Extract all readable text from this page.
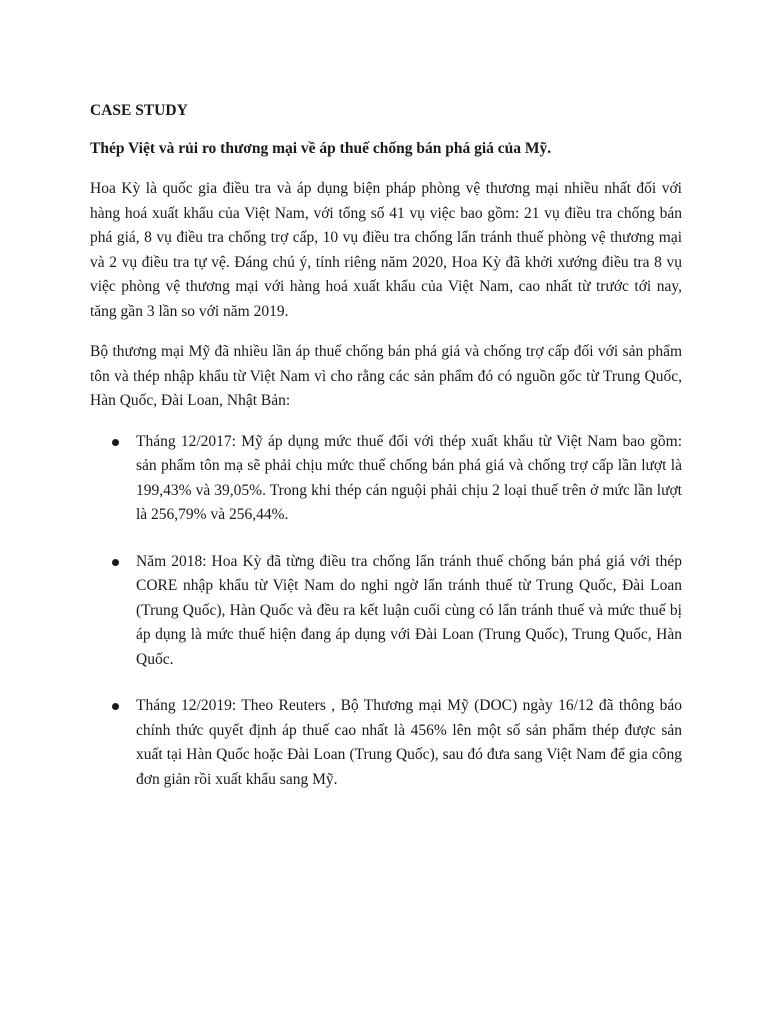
CASE STUDY
Thép Việt và rủi ro thương mại về áp thuế chống bán phá giá của Mỹ.

Hoa Kỳ là quốc gia điều tra và áp dụng biện pháp phòng vệ thương mại nhiều nhất đối với hàng hoá xuất khẩu của Việt Nam, với tổng số 41 vụ việc bao gồm: 21 vụ điều tra chống bán phá giá, 8 vụ điều tra chống trợ cấp, 10 vụ điều tra chống lẩn tránh thuế phòng vệ thương mại và 2 vụ điều tra tự vệ. Đáng chú ý, tính riêng năm 2020, Hoa Kỳ đã khởi xướng điều tra 8 vụ việc phòng vệ thương mại với hàng hoá xuất khẩu của Việt Nam, cao nhất từ trước tới nay, tăng gần 3 lần so với năm 2019.

Bộ thương mại Mỹ đã nhiều lần áp thuế chống bán phá giá và chống trợ cấp đối với sản phẩm tôn và thép nhập khẩu từ Việt Nam vì cho rằng các sản phẩm đó có nguồn gốc từ Trung Quốc, Hàn Quốc, Đài Loan, Nhật Bản:

Tháng 12/2017: Mỹ áp dụng mức thuế đối với thép xuất khẩu từ Việt Nam bao gồm: sản phẩm tôn mạ sẽ phải chịu mức thuế chống bán phá giá và chống trợ cấp lần lượt là 199,43% và 39,05%. Trong khi thép cán nguội phải chịu 2 loại thuế trên ở mức lần lượt là 256,79% và 256,44%.
Năm 2018: Hoa Kỳ đã từng điều tra chống lẩn tránh thuế chống bán phá giá với thép CORE nhập khẩu từ Việt Nam do nghi ngờ lẩn tránh thuế từ Trung Quốc, Đài Loan (Trung Quốc), Hàn Quốc và đều ra kết luận cuối cùng có lẩn tránh thuế và mức thuế bị áp dụng là mức thuế hiện đang áp dụng với Đài Loan (Trung Quốc), Trung Quốc, Hàn Quốc.
Tháng 12/2019: Theo Reuters , Bộ Thương mại Mỹ (DOC) ngày 16/12 đã thông báo chính thức quyết định áp thuế cao nhất là 456% lên một số sản phẩm thép được sản xuất tại Hàn Quốc hoặc Đài Loan (Trung Quốc), sau đó đưa sang Việt Nam để gia công đơn giản rồi xuất khẩu sang Mỹ.
